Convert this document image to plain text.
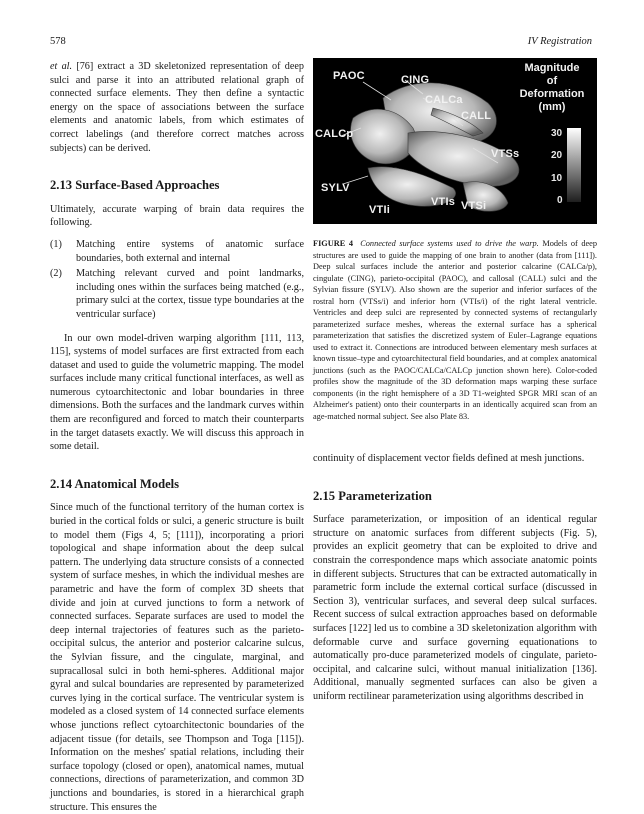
578	IV Registration

et al. [76] extract a 3D skeletonized representation of deep sulci and parse it into an attributed relational graph of connected surface elements. They then define a syntactic energy on the space of associations between the surface elements and anatomic labels, from which estimates of correct labelings (and therefore correct matches across subjects) can be derived.

2.13 Surface-Based Approaches

Ultimately, accurate warping of brain data requires the following.

(1) Matching entire systems of anatomic surface boundaries, both external and internal
(2) Matching relevant curved and point landmarks, including ones within the surfaces being matched (e.g., primary sulci at the cortex, tissue type boundaries at the ventricular surface)

In our own model-driven warping algorithm [111, 113, 115], systems of model surfaces are first extracted from each dataset and used to guide the volumetric mapping. The model surfaces include many critical functional interfaces, as well as numerous cytoarchitectonic and lobar boundaries in three dimensions. Both the surfaces and the landmark curves within them are reconfigured and forced to match their counterparts in the target datasets exactly. We will discuss this approach in some detail.

2.14 Anatomical Models

Since much of the functional territory of the human cortex is buried in the cortical folds or sulci, a generic structure is built to model them (Figs 4, 5; [111]), incorporating a priori topological and shape information about the deep sulcal pattern. The underlying data structure consists of a connected system of surface meshes, in which the individual meshes are parametric and have the form of complex 3D sheets that divide and join at curved junctions to form a network of connected surfaces. Separate surfaces are used to model the deep internal trajectories of features such as the parieto-occipital sulcus, the anterior and posterior calcarine sulcus, the Sylvian fissure, and the cingulate, marginal, and supracallosal sulci in both hemi-spheres. Additional major gyral and sulcal boundaries are represented by parameterized curves lying in the cortical surface. The ventricular system is modeled as a closed system of 14 connected surface elements whose junctions reflect cytoarchitectonic boundaries of the adjacent tissue (for details, see Thompson and Toga [115]). Information on the meshes' spatial relations, including their surface topology (closed or open), anatomical names, mutual connections, directions of parameterization, and common 3D junctions and boundaries, is stored in a hierarchical graph structure. This ensures the

PAOC	CING
CALCa
CALL
CALCp
VTSs
SYLV
VTIi
VTIs VTSi
Magnitude
of
Deformation
(mm)
30
20
10
0
FIGURE 4 Connected surface systems used to drive the warp. Models of deep structures are used to guide the mapping of one brain to another (data from [111]). Deep sulcal surfaces include the anterior and posterior calcarine (CALCa/p), cingulate (CING), parieto-occipital (PAOC), and callosal (CALL) sulci and the Sylvian fissure (SYLV). Also shown are the superior and inferior surfaces of the rostral horn (VTSs/i) and inferior horn (VTIs/i) of the right lateral ventricle. Ventricles and deep sulci are represented by connected systems of rectangularly parameterized surface meshes, whereas the external surface has a spherical parameterization that satisfies the discretized system of Euler–Lagrange equations used to extract it. Connections are introduced between elementary mesh surfaces at known tissue–type and cytoarchitectural field boundaries, and at complex anatomical junctions (such as the PAOC/CALCa/CALCp junction shown here). Color-coded profiles show the magnitude of the 3D deformation maps warping these surface components (in the right hemisphere of a 3D T1-weighted SPGR MRI scan of an Alzheimer's patient) onto their counterparts in an identically acquired scan from an age-matched normal subject. See also Plate 83.

continuity of displacement vector fields defined at mesh junctions.

2.15 Parameterization

Surface parameterization, or imposition of an identical regular structure on anatomic surfaces from different subjects (Fig. 5), provides an explicit geometry that can be exploited to drive and constrain the correspondence maps which associate anatomic points in different subjects. Structures that can be extracted automatically in parametric form include the external cortical surface (discussed in Section 3), ventricular surfaces, and several deep sulcal surfaces. Recent success of sulcal extraction approaches based on deformable surfaces [122] led us to combine a 3D skeletonization algorithm with deformable curve and surface governing equationations to automatically pro-duce parameterized models of cingulate, parieto-occipital, and calcarine sulci, without manual initialization [136]. Additional, manually segmented surfaces can also be given a uniform rectilinear parameterization using algorithms described in
